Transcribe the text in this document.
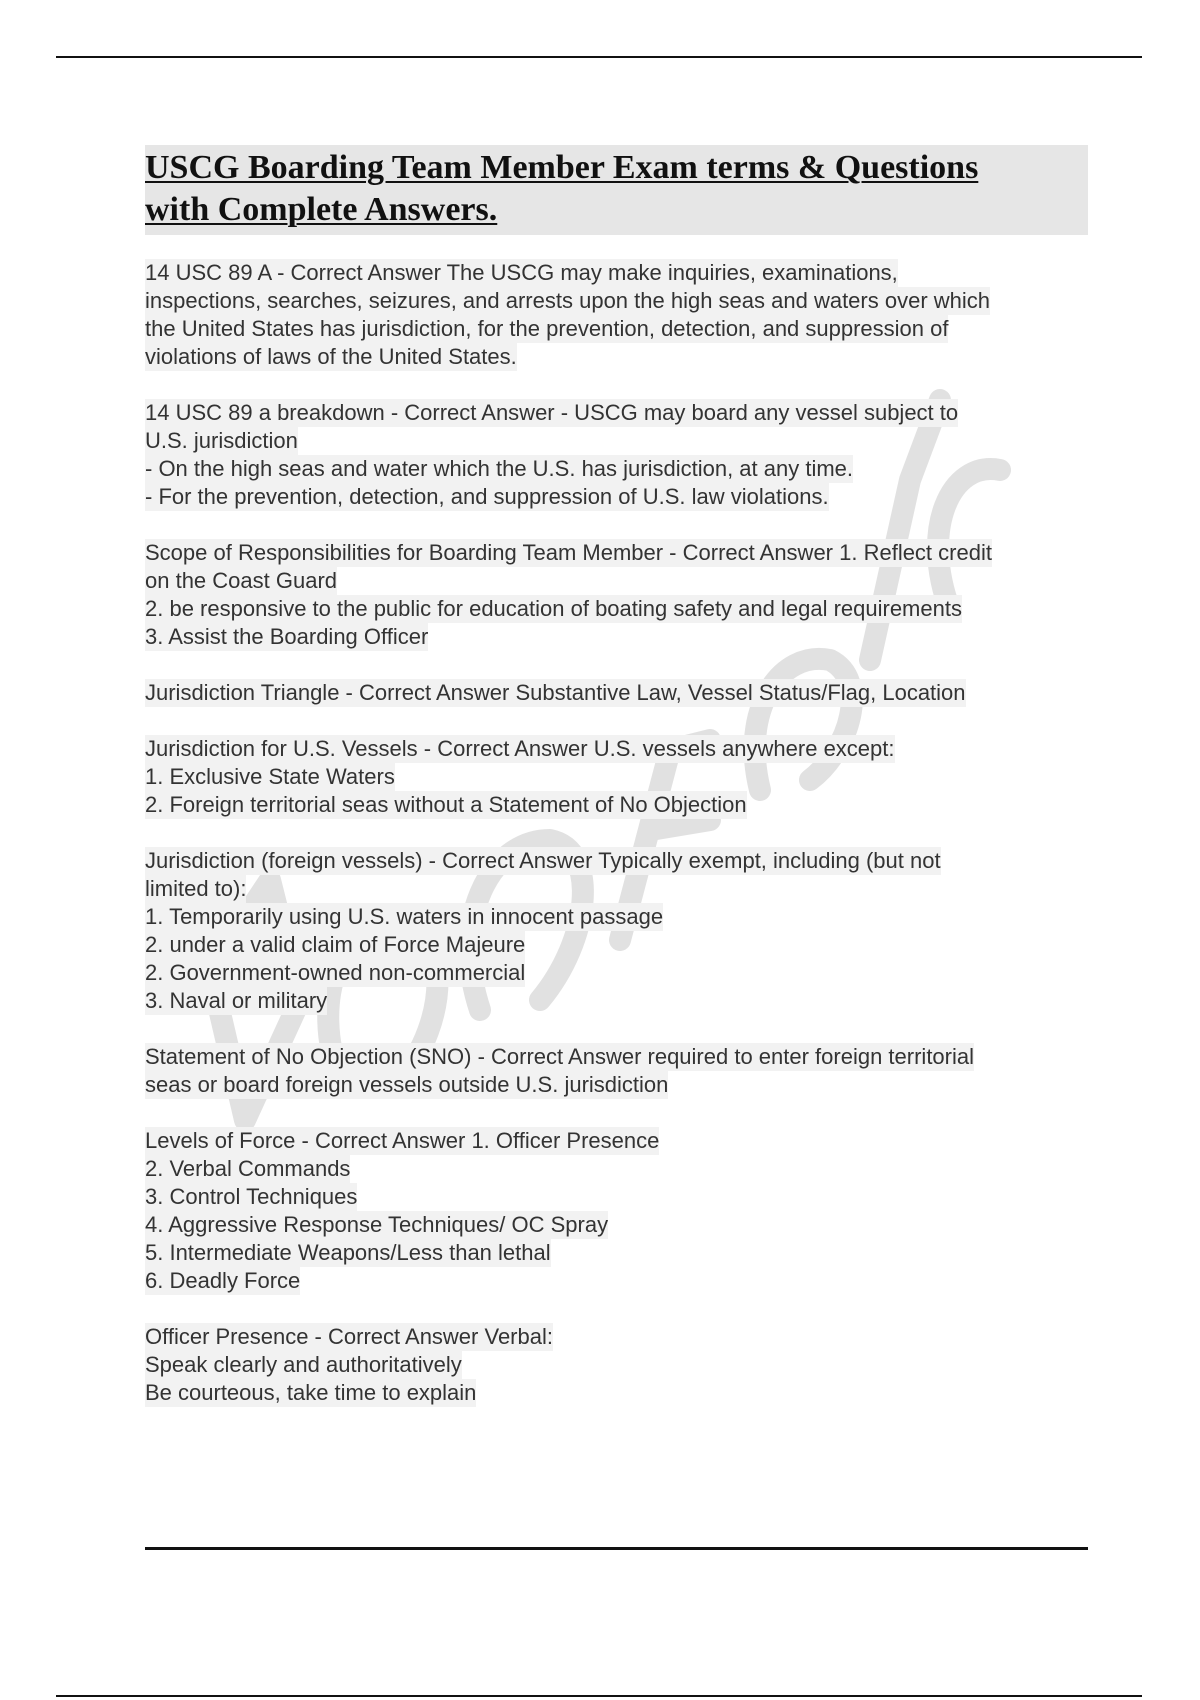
USCG Boarding Team Member Exam terms & Questions
with Complete Answers.
14 USC 89 A - Correct Answer The USCG may make inquiries, examinations,
inspections, searches, seizures, and arrests upon the high seas and waters over which
the United States has jurisdiction, for the prevention, detection, and suppression of
violations of laws of the United States.
14 USC 89 a breakdown - Correct Answer - USCG may board any vessel subject to
U.S. jurisdiction
- On the high seas and water which the U.S. has jurisdiction, at any time.
- For the prevention, detection, and suppression of U.S. law violations.
Scope of Responsibilities for Boarding Team Member - Correct Answer 1. Reflect credit
on the Coast Guard
2. be responsive to the public for education of boating safety and legal requirements
3. Assist the Boarding Officer
Jurisdiction Triangle - Correct Answer Substantive Law, Vessel Status/Flag, Location
Jurisdiction for U.S. Vessels - Correct Answer U.S. vessels anywhere except:
1. Exclusive State Waters
2. Foreign territorial seas without a Statement of No Objection
Jurisdiction (foreign vessels) - Correct Answer Typically exempt, including (but not
limited to):
1. Temporarily using U.S. waters in innocent passage
2. under a valid claim of Force Majeure
2. Government-owned non-commercial
3. Naval or military
Statement of No Objection (SNO) - Correct Answer required to enter foreign territorial
seas or board foreign vessels outside U.S. jurisdiction
Levels of Force - Correct Answer 1. Officer Presence
2. Verbal Commands
3. Control Techniques
4. Aggressive Response Techniques/ OC Spray
5. Intermediate Weapons/Less than lethal
6. Deadly Force
Officer Presence - Correct Answer Verbal:
Speak clearly and authoritatively
Be courteous, take time to explain
